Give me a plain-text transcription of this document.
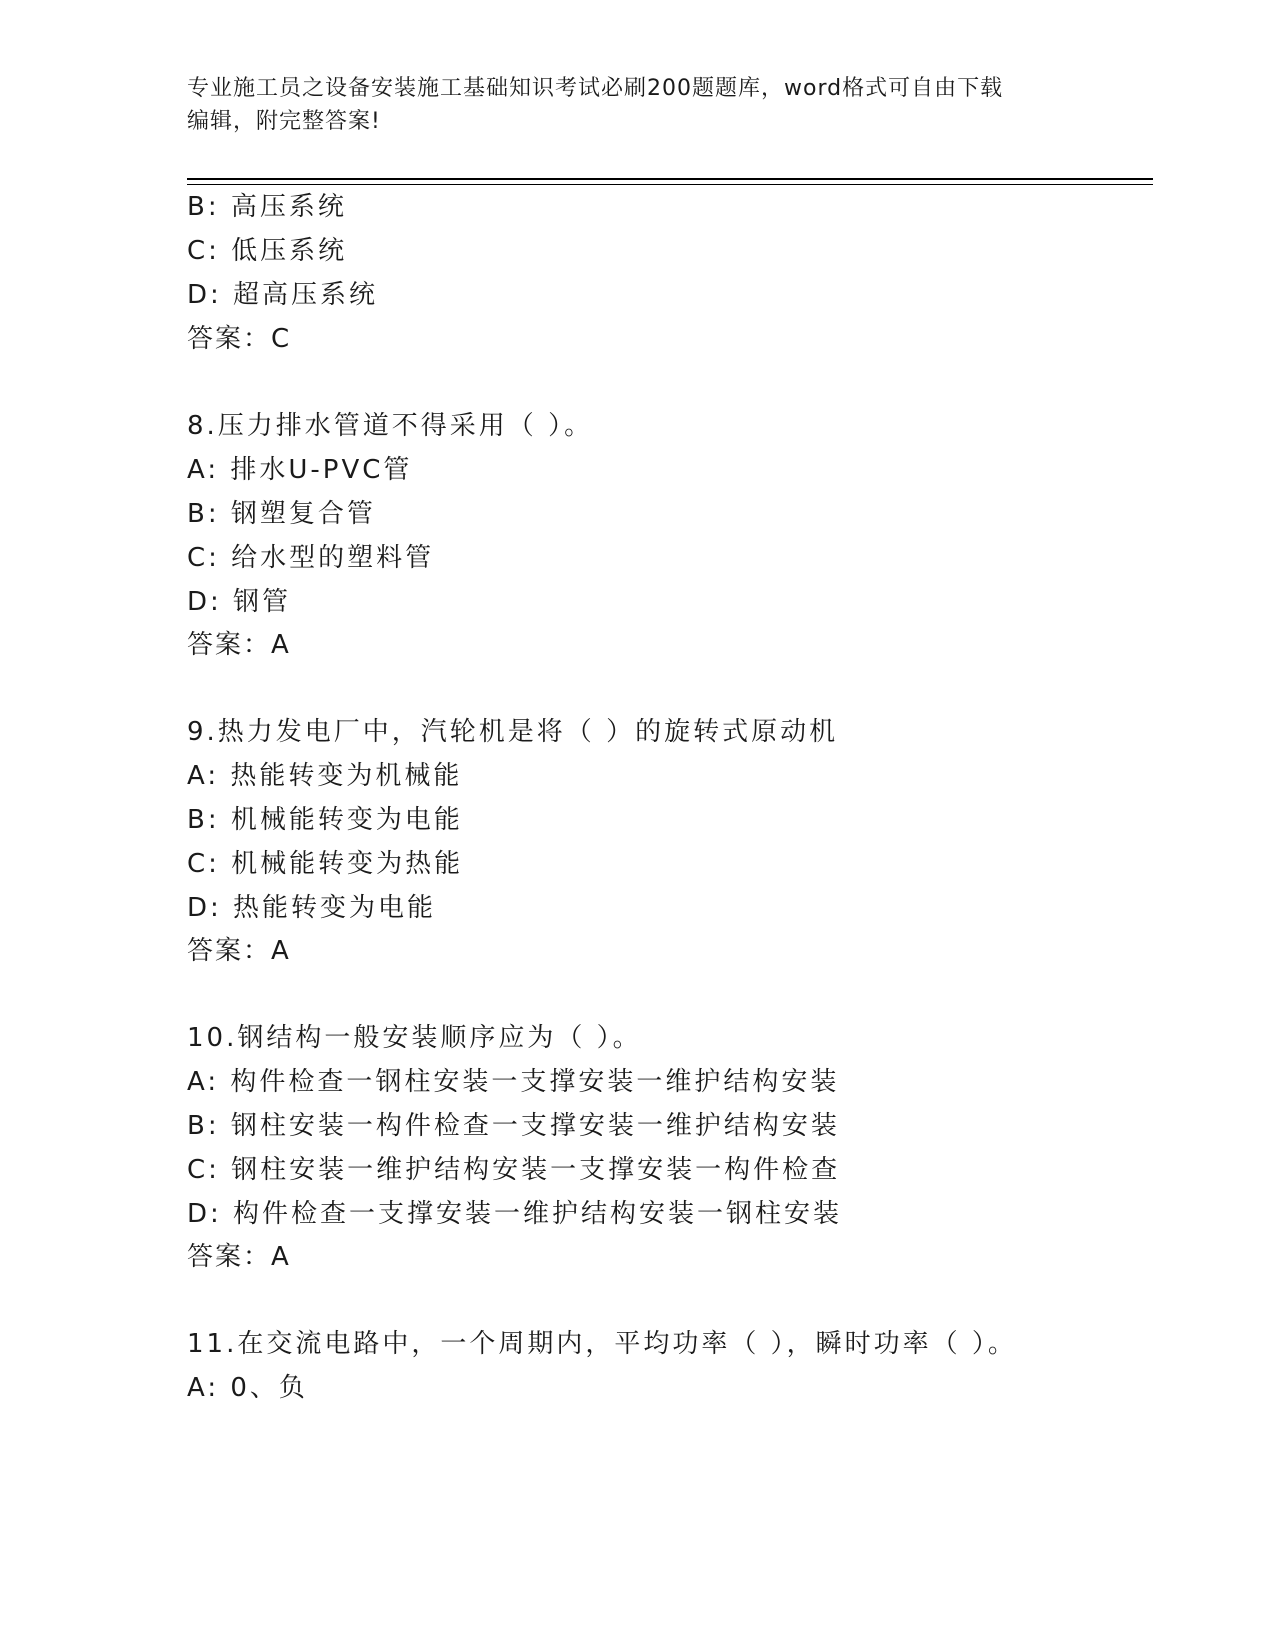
专业施工员之设备安装施工基础知识考试必刷200题题库，word格式可自由下载
编辑，附完整答案!
B: 高压系统
C: 低压系统
D: 超高压系统
答案：C
8.压力排水管道不得采用（ ）。
A: 排水U-PVC管
B: 钢塑复合管
C: 给水型的塑料管
D: 钢管
答案：A
9.热力发电厂中，汽轮机是将（ ）的旋转式原动机
A: 热能转变为机械能
B: 机械能转变为电能
C: 机械能转变为热能
D: 热能转变为电能
答案：A
10.钢结构一般安装顺序应为（ ）。
A: 构件检查一钢柱安装一支撑安装一维护结构安装
B: 钢柱安装一构件检查一支撑安装一维护结构安装
C: 钢柱安装一维护结构安装一支撑安装一构件检查
D: 构件检查一支撑安装一维护结构安装一钢柱安装
答案：A
11.在交流电路中，一个周期内，平均功率（ ），瞬时功率（ ）。
A: 0、负
